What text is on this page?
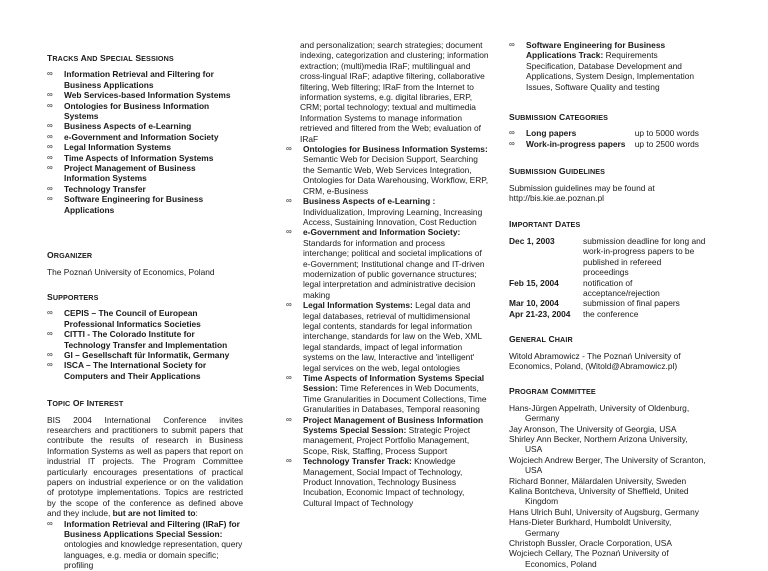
TRACKS AND SPECIAL SESSIONS
∞ Information Retrieval and Filtering for Business Applications
∞ Web Services-based Information Systems
∞ Ontologies for Business Information Systems
∞ Business Aspects of e-Learning
∞ e-Government and Information Society
∞ Legal Information Systems
∞ Time Aspects of Information Systems
∞ Project Management of Business Information Systems
∞ Technology Transfer
∞ Software Engineering for Business Applications
ORGANIZER

The Poznań University of Economics, Poland

SUPPORTERS
∞ CEPIS – The Council of European Professional Informatics Societies
∞ CITTI - The Colorado Institute for Technology Transfer and Implementation
∞ GI – Gesellschaft für Informatik, Germany
∞ ISCA – The International Society for Computers and Their Applications
TOPIC OF INTEREST

BIS 2004 International Conference invites researchers and practitioners to submit papers that contribute the results of research in Business Information Systems as well as papers that report on industrial IT projects. The Program Committee particularly encourages presentations of practical papers on industrial experience or on the validation of prototype implementations. Topics are restricted by the scope of the conference as defined above and they include, but are not limited to:

∞ Information Retrieval and Filtering (IRaF) for Business Applications Special Session:
ontologies and knowledge representation, query languages, e.g. media or domain specific; profiling

and personalization; search strategies; document indexing, categorization and clustering; information extraction; (multi)media IRaF; multilingual and cross-lingual IRaF; adaptive filtering, collaborative filtering, Web filtering; IRaF from the Internet to information systems, e.g. digital libraries, ERP, CRM; portal technology; textual and multimedia Information Systems to manage information retrieved and filtered from the Web; evaluation of IRaF

∞ Ontologies for Business Information Systems: Semantic Web for Decision Support, Searching the Semantic Web, Web Services Integration, Ontologies for Data Warehousing, Workflow, ERP, CRM, e-Business
∞ Business Aspects of e-Learning : Individualization, Improving Learning, Increasing Access, Sustaining Innovation, Cost Reduction
∞ e-Government and Information Society: Standards for information and process interchange; political and societal implications of e-Government; Institutional change and IT-driven modernization of public governance structures; legal interpretation and administrative decision making
∞ Legal Information Systems: Legal data and legal databases, retrieval of multidimensional legal contents, standards for legal information interchange, standards for law on the Web, XML legal standards, impact of legal information systems on the law, Interactive and 'intelligent' legal services on the web, legal ontologies
∞ Time Aspects of Information Systems Special Session: Time References in Web Documents, Time Granularities in Document Collections, Time Granularities in Databases, Temporal reasoning
∞ Project Management of Business Information Systems Special Session: Strategic Project management, Project Portfolio Management, Scope, Risk, Staffing, Process Support
∞ Technology Transfer Track: Knowledge Management, Social Impact of Technology, Product Innovation, Technology Business Incubation, Economic Impact of technology, Cultural Impact of Technology
∞ Software Engineering for Business Applications Track: Requirements Specification, Database Development and Applications, System Design, Implementation Issues, Software Quality and testing
SUBMISSION CATEGORIES
∞ Long papers	up to 5000 words
∞ Work-in-progress papers up to 2500 words
SUBMISSION GUIDELINES

Submission guidelines may be found at http://bis.kie.ae.poznan.pl

IMPORTANT DATES
Dec 1, 2003	submission deadline for long and work-in-progress papers to be published in refereed proceedings
Feb 15, 2004	notification of acceptance/rejection
Mar 10, 2004	submission of final papers
Apr 21-23, 2004	the conference
GENERAL CHAIR

Witold Abramowicz - The Poznań University of Economics, Poland, (Witold@Abramowicz.pl)

PROGRAM COMMITTEE
Hans-Jürgen Appelrath, University of Oldenburg, Germany
Jay Aronson, The University of Georgia, USA
Shirley Ann Becker, Northern Arizona University, USA
Wojciech Andrew Berger, The University of Scranton, USA
Richard Bonner, Mälardalen University, Sweden
Kalina Bontcheva, University of Sheffield, United Kingdom
Hans Ulrich Buhl, University of Augsburg, Germany
Hans-Dieter Burkhard, Humboldt University, Germany
Christoph Bussler, Oracle Corporation, USA
Wojciech Cellary, The Poznań University of Economics, Poland
